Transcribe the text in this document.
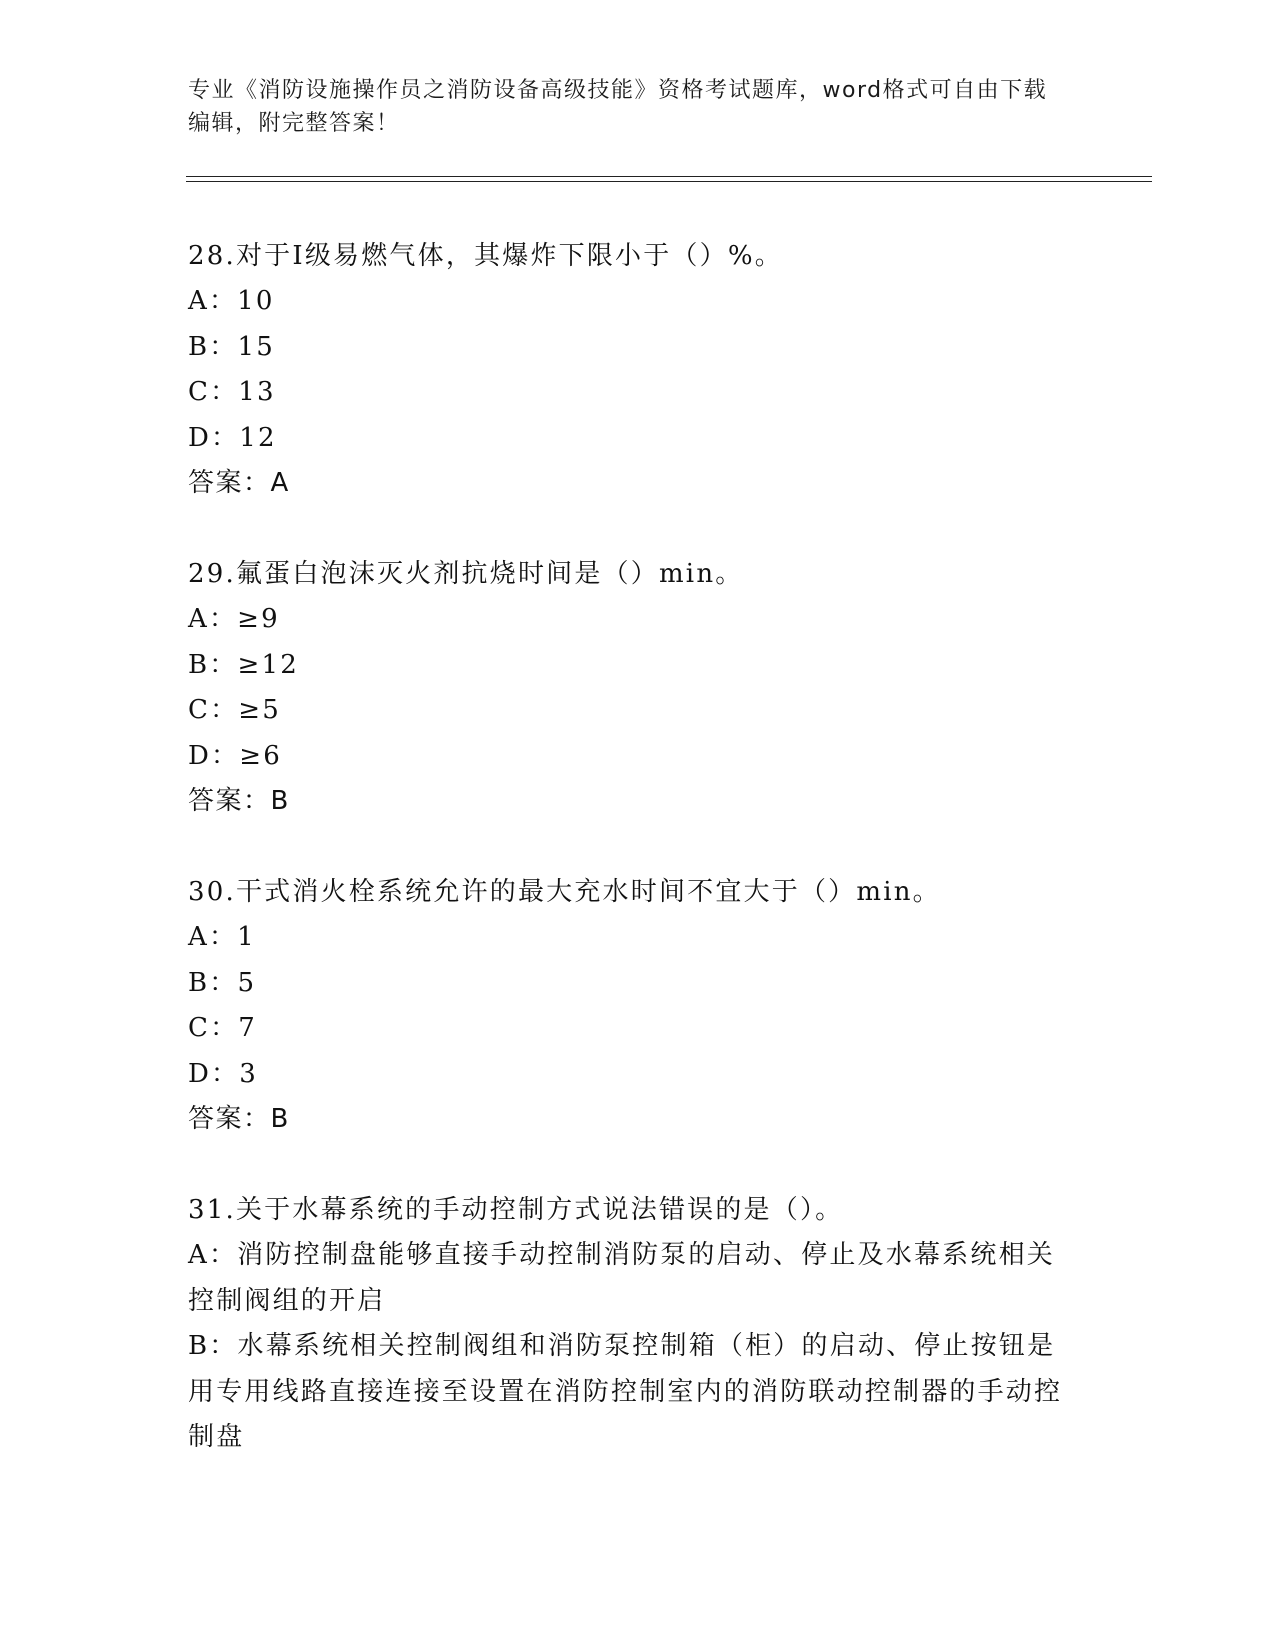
专业《消防设施操作员之消防设备高级技能》资格考试题库，word格式可自由下载编辑，附完整答案！
28.对于Ⅰ级易燃气体，其爆炸下限小于（）%。
A：10
B：15
C：13
D：12
答案：A
29.氟蛋白泡沫灭火剂抗烧时间是（）min。
A：≥9
B：≥12
C：≥5
D：≥6
答案：B
30.干式消火栓系统允许的最大充水时间不宜大于（）min。
A：1
B：5
C：7
D：3
答案：B
31.关于水幕系统的手动控制方式说法错误的是（）。
A：消防控制盘能够直接手动控制消防泵的启动、停止及水幕系统相关控制阀组的开启
B：水幕系统相关控制阀组和消防泵控制箱（柜）的启动、停止按钮是用专用线路直接连接至设置在消防控制室内的消防联动控制器的手动控制盘
